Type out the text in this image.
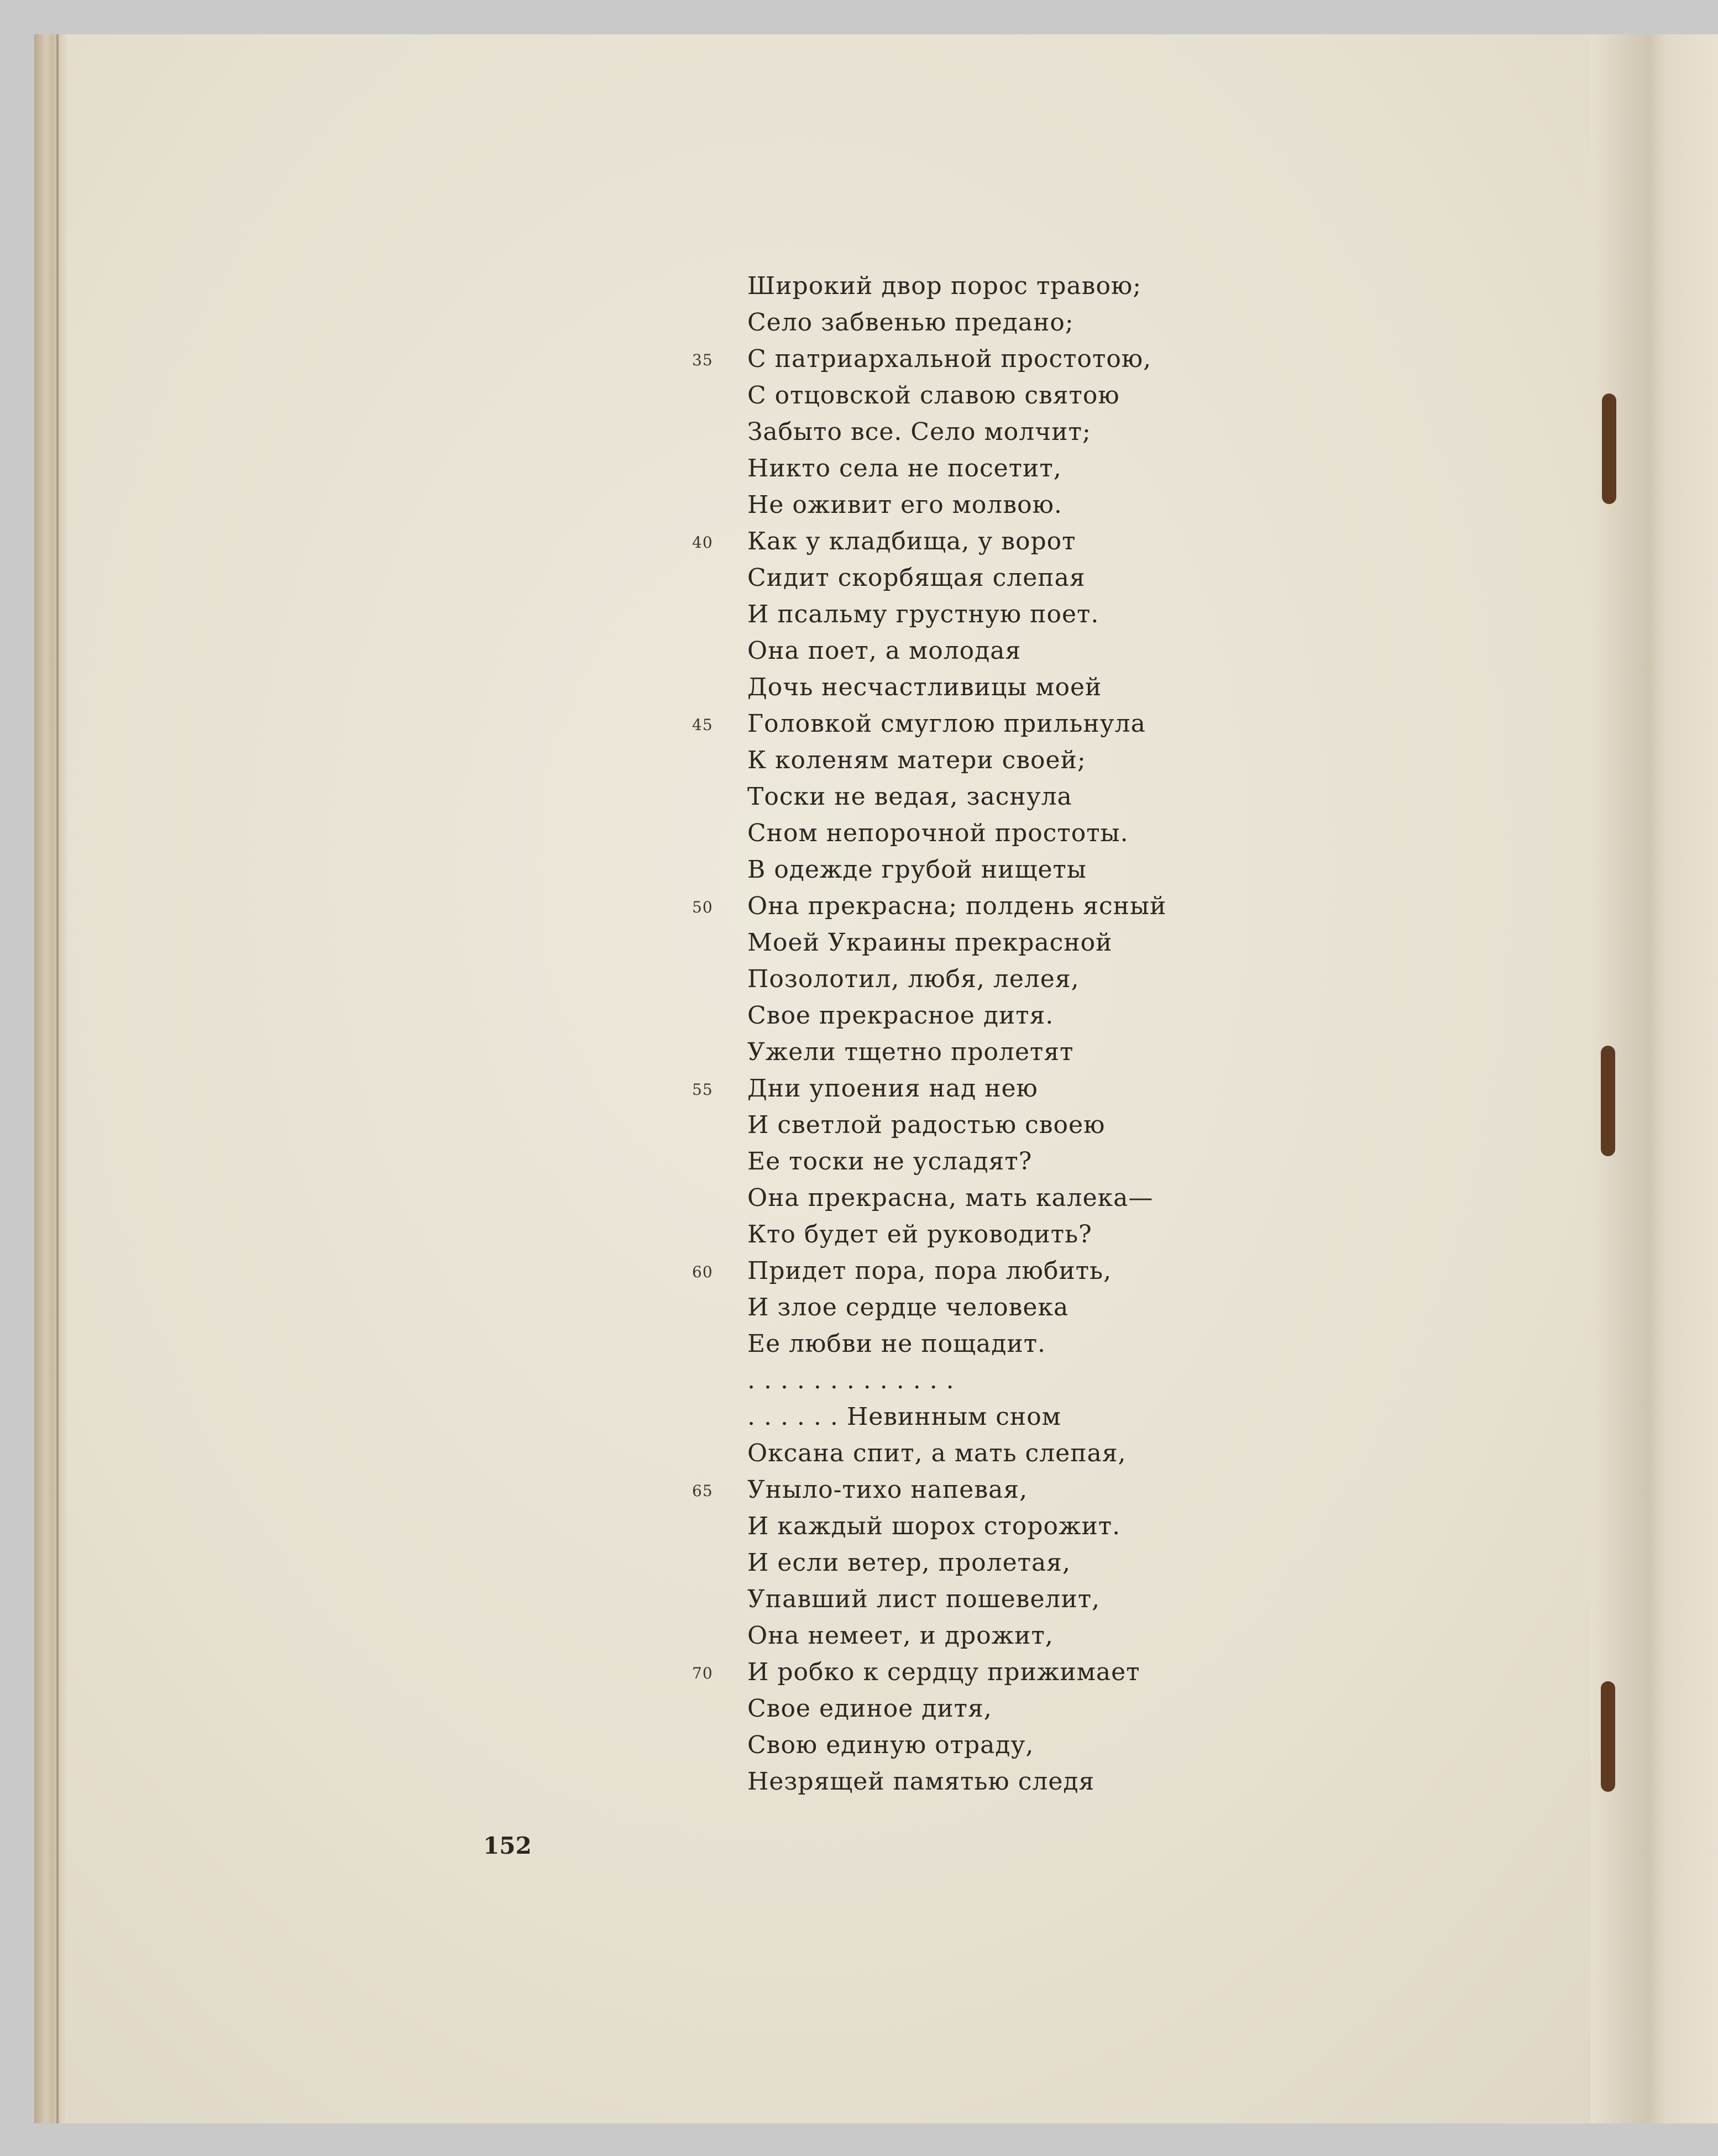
Широкий двор порос травою;
Село забвенью предано;
35	С патриархальной простотою,
С отцовской славою святою
Забыто все. Село молчит;
Никто села не посетит,
Не оживит его молвою.
40	Как у кладбища, у ворот
Сидит скорбящая слепая
И псальму грустную поет.
Она поет, а молодая
Дочь несчастливицы моей
45	Головкой смуглою прильнула
К коленям матери своей;
Тоски не ведая, заснула
Сном непорочной простоты.
В одежде грубой нищеты
50	Она прекрасна; полдень ясный
Моей Украины прекрасной
Позолотил, любя, лелея,
Свое прекрасное дитя.
Ужели тщетно пролетят
55	Дни упоения над нею
И светлой радостью своею
Ее тоски не усладят?
Она прекрасна, мать калека—
Кто будет ей руководить?
60	Придет пора, пора любить,
И злое сердце человека
Ее любви не пощадит.
. . . . . . . . . . . . .
. . . . . . Невинным сном
Оксана спит, а мать слепая,
65	Уныло-тихо напевая,
И каждый шорох сторожит.
И если ветер, пролетая,
Упавший лист пошевелит,
Она немеет, и дрожит,
70	И робко к сердцу прижимает
Свое единое дитя,
Свою единую отраду,
Незрящей памятью следя
152
